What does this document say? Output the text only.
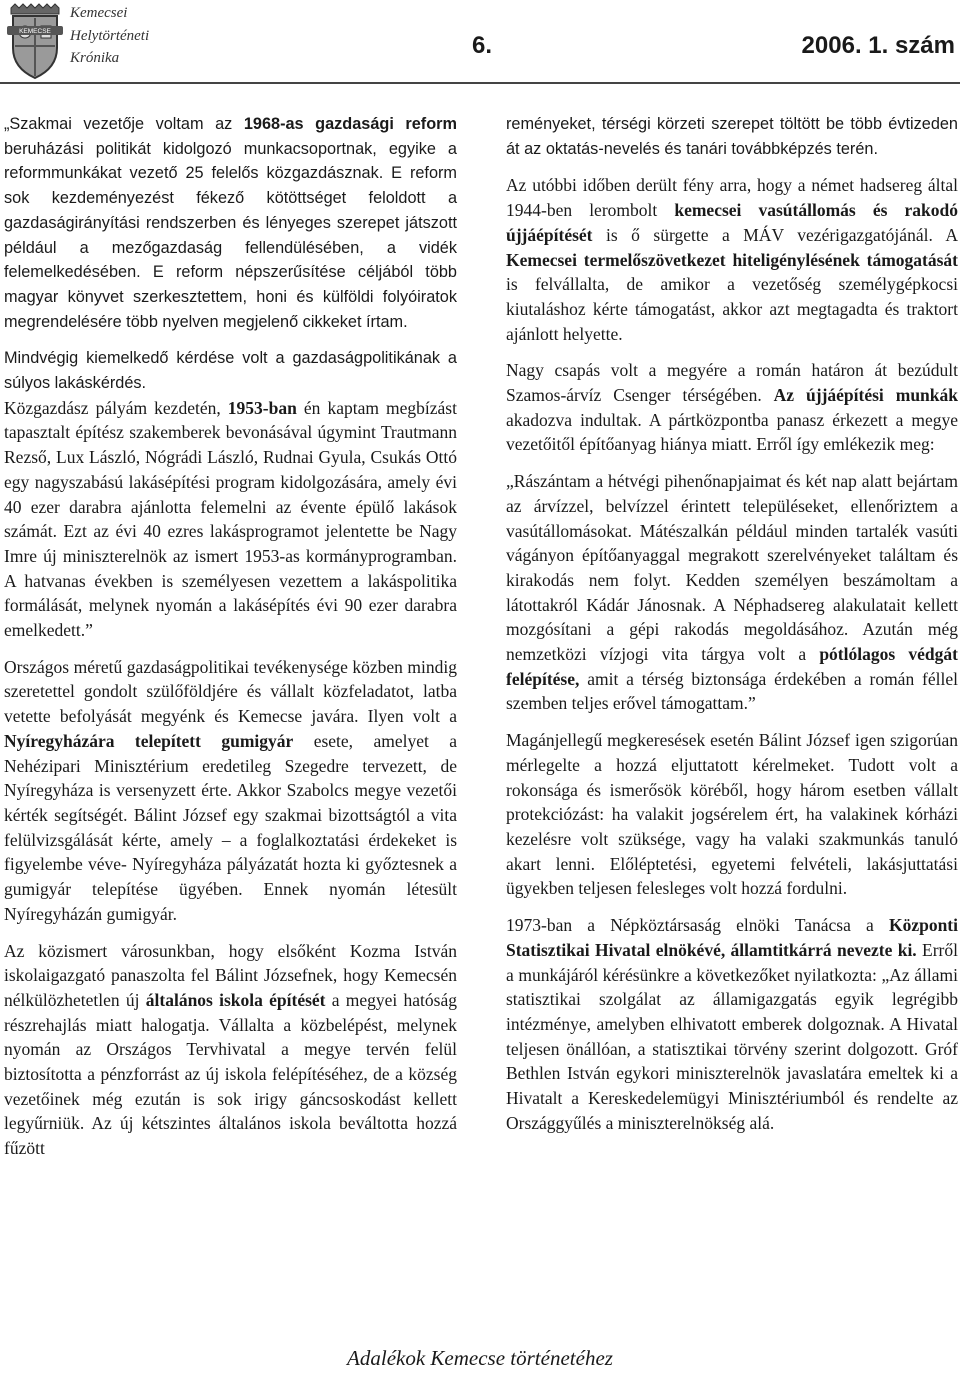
KEMECSE
Kemecsei
Helytörténeti
Krónika	6.	2006. 1. szám

„Szakmai vezetője voltam az 1968-as gazdasági reform beruházási politikát kidolgozó munkacsoportnak, egyike a reformmunkákat vezető 25 felelős közgazdásznak. E reform sok kezdeményezést fékező kötöttséget feloldott a gazdaságirányítási rendszerben és lényeges szerepet játszott például a mezőgazdaság fellendülésében, a vidék felemelkedésében. E reform népszerűsítése céljából több magyar könyvet szerkesztettem, honi és külföldi folyóiratok megrendelésére több nyelven megjelenő cikkeket írtam.

Mindvégig kiemelkedő kérdése volt a gazdaságpolitikának a súlyos lakáskérdés.

Közgazdász pályám kezdetén, 1953-ban én kaptam megbízást tapasztalt építész szakemberek bevonásával úgymint Trautmann Rezső, Lux László, Nógrádi László, Rudnai Gyula, Csukás Ottó egy nagyszabású lakásépítési program kidolgozására, amely évi 40 ezer darabra ajánlotta felemelni az évente épülő lakások számát. Ezt az évi 40 ezres lakásprogramot jelentette be Nagy Imre új miniszterelnök az ismert 1953-as kormányprogramban. A hatvanas években is személyesen vezettem a lakáspolitika formálását, melynek nyomán a lakásépítés évi 90 ezer darabra emelkedett.”

Országos méretű gazdaságpolitikai tevékenysége közben mindig szeretettel gondolt szülőföldjére és vállalt közfeladatot, latba vetette befolyását megyénk és Kemecse javára. Ilyen volt a Nyíregyházára telepített gumigyár esete, amelyet a Nehézipari Minisztérium eredetileg Szegedre tervezett, de Nyíregyháza is versenyzett érte. Akkor Szabolcs megye vezetői kérték segítségét. Bálint József egy szakmai bizottságtól a vita felülvizsgálását kérte, amely – a foglalkoztatási érdekeket is figyelembe véve- Nyíregyháza pályázatát hozta ki győztesnek a gumigyár telepítése ügyében. Ennek nyomán létesült Nyíregyházán gumigyár.

Az közismert városunkban, hogy elsőként Kozma István iskolaigazgató panaszolta fel Bálint Józsefnek, hogy Kemecsén nélkülözhetetlen új általános iskola építését a megyei hatóság részrehajlás miatt halogatja. Vállalta a közbelépést, melynek nyomán az Országos Tervhivatal a megye tervén felül biztosította a pénzforrást az új iskola felépítéséhez, de a község vezetőinek még ezután is sok irigy gáncsoskodást kellett legyűrniük. Az új kétszintes általános iskola beváltotta hozzá fűzött

reményeket, térségi körzeti szerepet töltött be több évtizeden át az oktatás-nevelés és tanári továbbképzés terén.

Az utóbbi időben derült fény arra, hogy a német hadsereg által 1944-ben lerombolt kemecsei vasútállomás és rakodó újjáépítését is ő sürgette a MÁV vezérigazgatójánál. A Kemecsei termelőszövetkezet hiteligénylésének támogatását is felvállalta, de amikor a vezetőség személygépkocsi kiutaláshoz kérte támogatást, akkor azt megtagadta és traktort ajánlott helyette.

Nagy csapás volt a megyére a román határon át bezúdult Szamos-árvíz Csenger térségében. Az újjáépítési munkák akadozva indultak. A pártközpontba panasz érkezett a megye vezetőitől építőanyag hiánya miatt. Erről így emlékezik meg:

„Rászántam a hétvégi pihenőnapjaimat és két nap alatt bejártam az árvízzel, belvízzel érintett településeket, ellenőriztem a vasútállomásokat. Mátészalkán például minden tartalék vasúti vágányon építőanyaggal megrakott szerelvényeket találtam és kirakodás nem folyt. Kedden személyen beszámoltam a látottakról Kádár Jánosnak. A Néphadsereg alakulatait kellett mozgósítani a gépi rakodás megoldásához. Azután még nemzetközi vízjogi vita tárgya volt a pótlólagos védgát felépítése, amit a térség biztonsága érdekében a román féllel szemben teljes erővel támogattam.”

Magánjellegű megkeresések esetén Bálint József igen szigorúan mérlegelte a hozzá eljuttatott kérelmeket. Tudott volt a rokonsága és ismerősök köréből, hogy három esetben vállalt protekciózást: ha valakit jogsérelem ért, ha valakinek kórházi kezelésre volt szüksége, vagy ha valaki szakmunkás tanuló akart lenni. Előléptetési, egyetemi felvételi, lakásjuttatási ügyekben teljesen felesleges volt hozzá fordulni.

1973-ban a Népköztársaság elnöki Tanácsa a Központi Statisztikai Hivatal elnökévé, államtitkárrá nevezte ki. Erről a munkájáról kérésünkre a következőket nyilatkozta: „Az állami statisztikai szolgálat az államigazgatás egyik legrégibb intézménye, amelyben elhivatott emberek dolgoznak. A Hivatal teljesen önállóan, a statisztikai törvény szerint dolgozott. Gróf Bethlen István egykori miniszterelnök javaslatára emeltek ki a Hivatalt a Kereskedelemügyi Minisztériumból és rendelte az Országgyűlés a miniszterelnökség alá.

Adalékok Kemecse történetéhez
